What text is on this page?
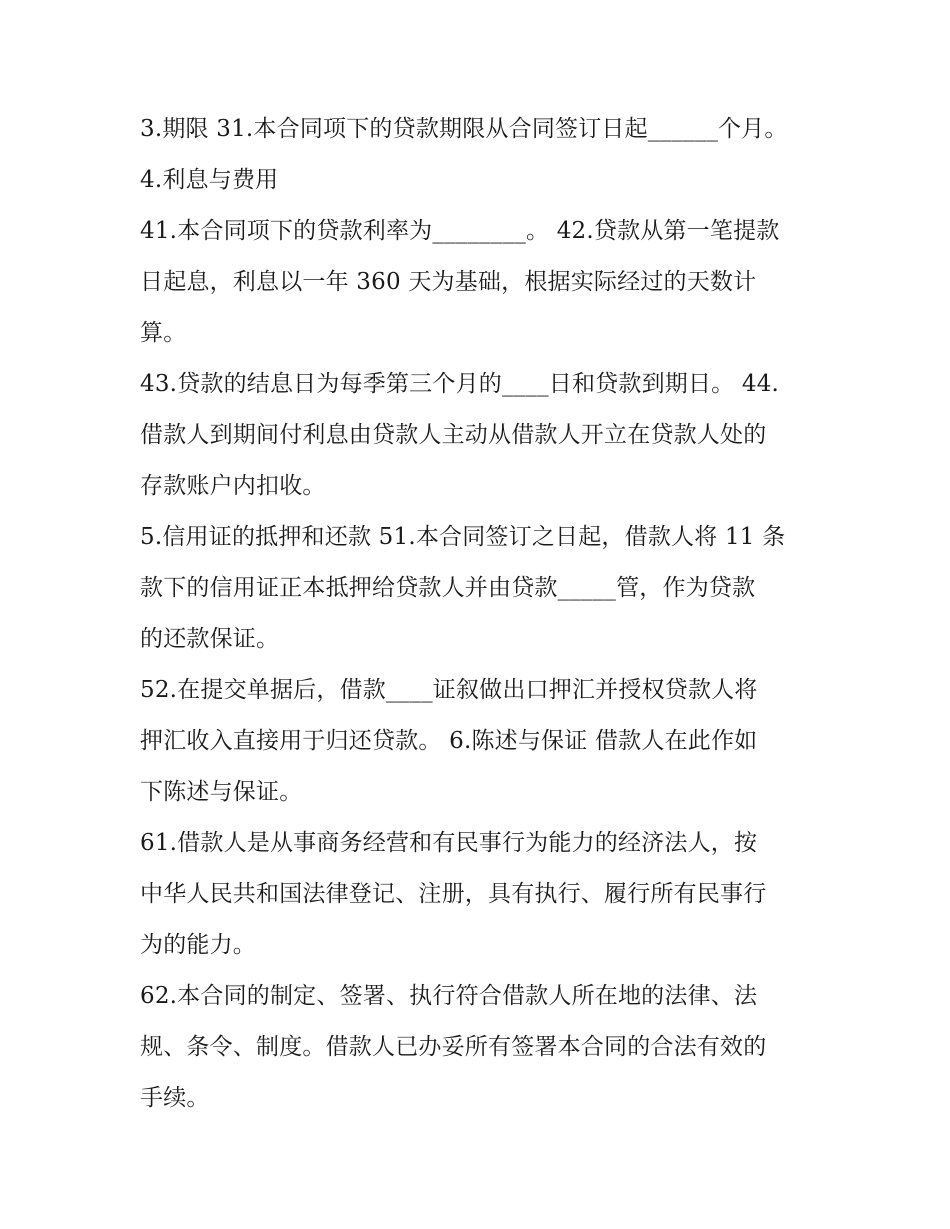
3.期限 31.本合同项下的贷款期限从合同签订日起______个月。
4.利息与费用
41.本合同项下的贷款利率为________。 42.贷款从第一笔提款
日起息，利息以一年 360 天为基础，根据实际经过的天数计
算。
43.贷款的结息日为每季第三个月的____日和贷款到期日。 44.
借款人到期间付利息由贷款人主动从借款人开立在贷款人处的
存款账户内扣收。
5.信用证的抵押和还款 51.本合同签订之日起，借款人将 11 条
款下的信用证正本抵押给贷款人并由贷款_____管，作为贷款
的还款保证。
52.在提交单据后，借款____证叙做出口押汇并授权贷款人将
押汇收入直接用于归还贷款。 6.陈述与保证 借款人在此作如
下陈述与保证。
61.借款人是从事商务经营和有民事行为能力的经济法人，按
中华人民共和国法律登记、注册，具有执行、履行所有民事行
为的能力。
62.本合同的制定、签署、执行符合借款人所在地的法律、法
规、条令、制度。借款人已办妥所有签署本合同的合法有效的
手续。
